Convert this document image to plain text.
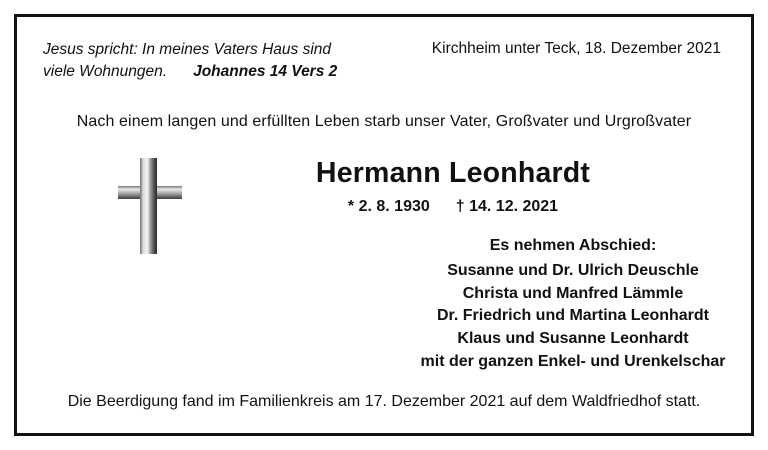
Jesus spricht: In meines Vaters Haus sind
viele Wohnungen. Johannes 14 Vers 2
Kirchheim unter Teck, 18. Dezember 2021
Nach einem langen und erfüllten Leben starb unser Vater, Großvater und Urgroßvater
Hermann Leonhardt
* 2. 8. 1930 † 14. 12. 2021
Es nehmen Abschied:
Susanne und Dr. Ulrich Deuschle
Christa und Manfred Lämmle
Dr. Friedrich und Martina Leonhardt
Klaus und Susanne Leonhardt
mit der ganzen Enkel- und Urenkelschar
Die Beerdigung fand im Familienkreis am 17. Dezember 2021 auf dem Waldfriedhof statt.
